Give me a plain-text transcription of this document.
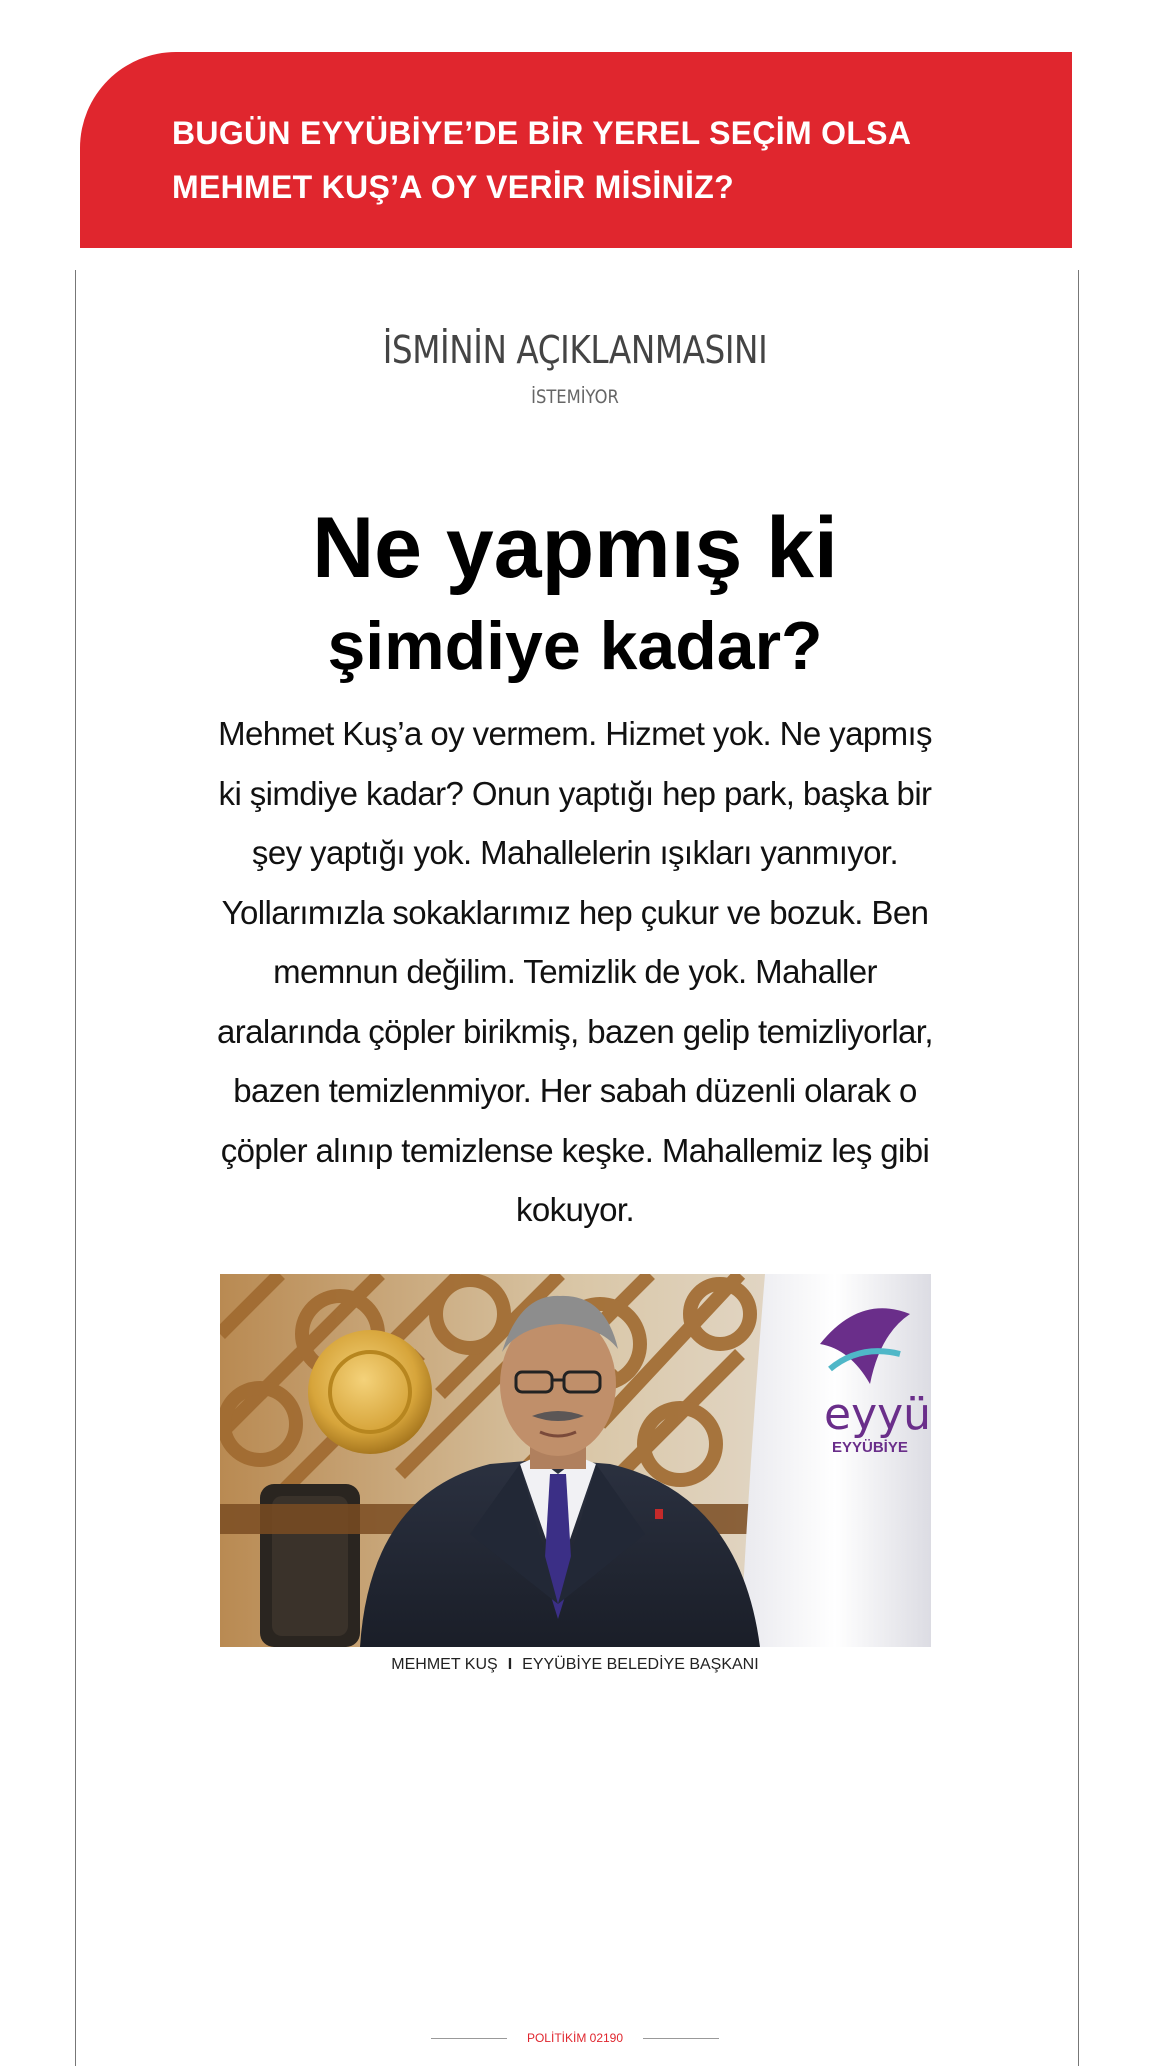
BUGÜN EYYÜBİYE’DE BİR YEREL SEÇİM OLSA
MEHMET KUŞ’A OY VERİR MİSİNİZ?
İSMİNİN AÇIKLANMASINI
İSTEMİYOR
Ne yapmış ki
şimdiye kadar?
Mehmet Kuş’a oy vermem. Hizmet yok. Ne yapmış ki şimdiye kadar? Onun yaptığı hep park, başka bir şey yaptığı yok. Mahallelerin ışıkları yanmıyor. Yollarımızla sokaklarımız hep çukur ve bozuk. Ben memnun değilim. Temizlik de yok. Mahaller aralarında çöpler birikmiş, bazen gelip temizliyorlar, bazen temizlenmiyor. Her sabah düzenli olarak o çöpler alınıp temizlense keşke. Mahallemiz leş gibi kokuyor.
eyyü
EYYÜBİYE
MEHMET KUŞ I EYYÜBİYE BELEDİYE BAŞKANI
POLİTİKİM 02190
